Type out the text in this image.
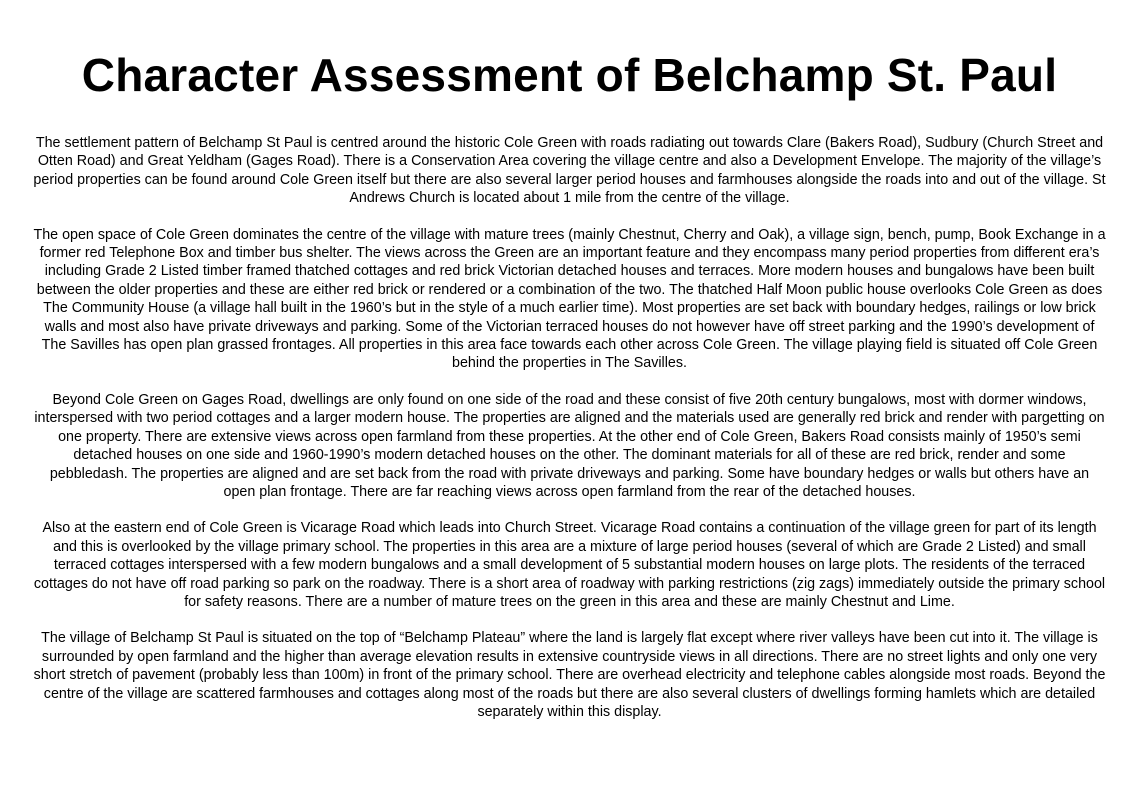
Character Assessment of Belchamp St. Paul

The settlement pattern of Belchamp St Paul is centred around the historic Cole Green with roads radiating out towards Clare (Bakers Road), Sudbury (Church Street and Otten Road) and Great Yeldham (Gages Road). There is a Conservation Area covering the village centre and also a Development Envelope. The majority of the village’s period properties can be found around Cole Green itself but there are also several larger period houses and farmhouses alongside the roads into and out of the village. St Andrews Church is located about 1 mile from the centre of the village.

The open space of Cole Green dominates the centre of the village with mature trees (mainly Chestnut, Cherry and Oak), a village sign, bench, pump, Book Exchange in a former red Telephone Box and timber bus shelter. The views across the Green are an important feature and they encompass many period properties from different era’s including Grade 2 Listed timber framed thatched cottages and red brick Victorian detached houses and terraces. More modern houses and bungalows have been built between the older properties and these are either red brick or rendered or a combination of the two. The thatched Half Moon public house overlooks Cole Green as does The Community House (a village hall built in the 1960’s but in the style of a much earlier time). Most properties are set back with boundary hedges, railings or low brick walls and most also have private driveways and parking. Some of the Victorian terraced houses do not however have off street parking and the 1990’s development of The Savilles has open plan grassed frontages. All properties in this area face towards each other across Cole Green. The village playing field is situated off Cole Green behind the properties in The Savilles.

Beyond Cole Green on Gages Road, dwellings are only found on one side of the road and these consist of five 20th century bungalows, most with dormer windows, interspersed with two period cottages and a larger modern house. The properties are aligned and the materials used are generally red brick and render with pargetting on one property. There are extensive views across open farmland from these properties. At the other end of Cole Green, Bakers Road consists mainly of 1950’s semi detached houses on one side and 1960-1990’s modern detached houses on the other. The dominant materials for all of these are red brick, render and some pebbledash. The properties are aligned and are set back from the road with private driveways and parking. Some have boundary hedges or walls but others have an open plan frontage. There are far reaching views across open farmland from the rear of the detached houses.

Also at the eastern end of Cole Green is Vicarage Road which leads into Church Street. Vicarage Road contains a continuation of the village green for part of its length and this is overlooked by the village primary school. The properties in this area are a mixture of large period houses (several of which are Grade 2 Listed) and small terraced cottages interspersed with a few modern bungalows and a small development of 5 substantial modern houses on large plots. The residents of the terraced cottages do not have off road parking so park on the roadway. There is a short area of roadway with parking restrictions (zig zags) immediately outside the primary school for safety reasons. There are a number of mature trees on the green in this area and these are mainly Chestnut and Lime.

The village of Belchamp St Paul is situated on the top of “Belchamp Plateau” where the land is largely flat except where river valleys have been cut into it. The village is surrounded by open farmland and the higher than average elevation results in extensive countryside views in all directions. There are no street lights and only one very short stretch of pavement (probably less than 100m) in front of the primary school. There are overhead electricity and telephone cables alongside most roads. Beyond the centre of the village are scattered farmhouses and cottages along most of the roads but there are also several clusters of dwellings forming hamlets which are detailed separately within this display.
